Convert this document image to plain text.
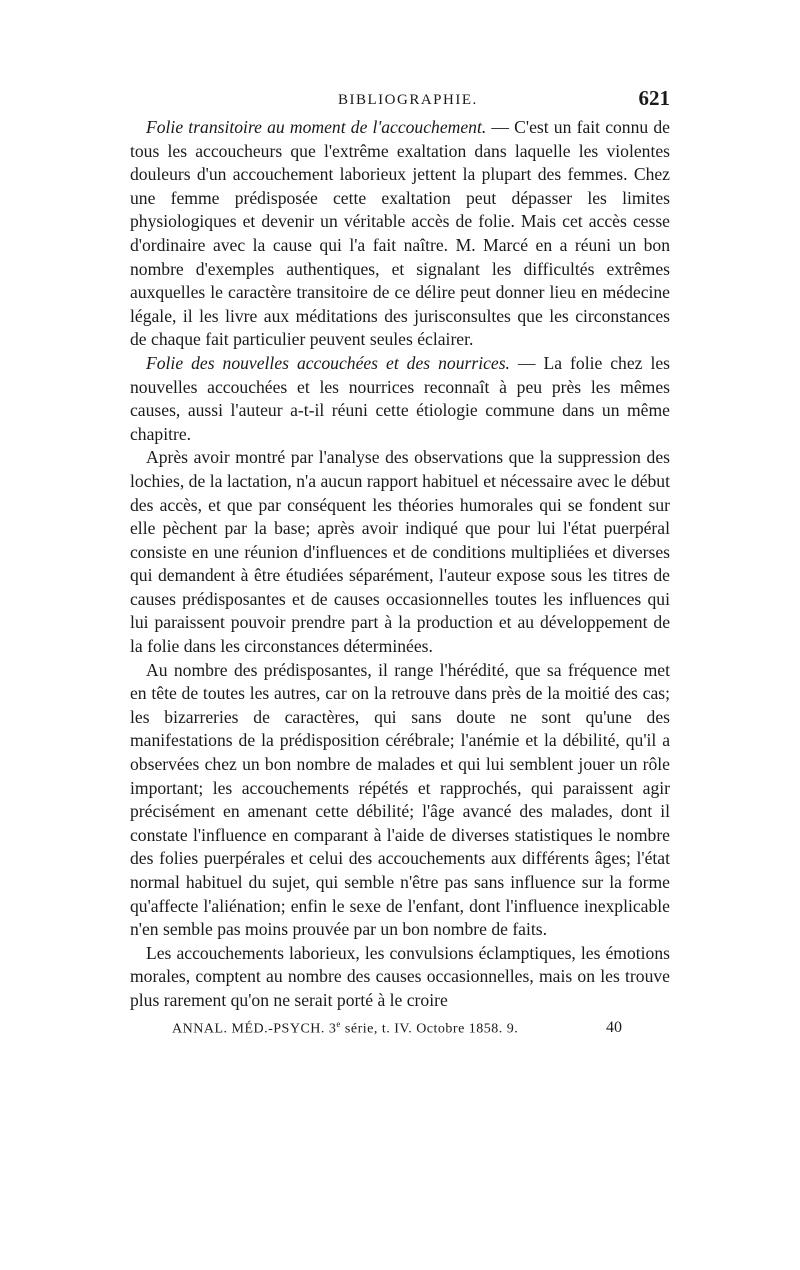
BIBLIOGRAPHIE.	621

Folie transitoire au moment de l'accouchement. — C'est un fait connu de tous les accoucheurs que l'extrême exaltation dans laquelle les violentes douleurs d'un accouchement laborieux jettent la plupart des femmes. Chez une femme prédisposée cette exaltation peut dépasser les limites physiologiques et devenir un véritable accès de folie. Mais cet accès cesse d'ordinaire avec la cause qui l'a fait naître. M. Marcé en a réuni un bon nombre d'exemples authentiques, et signalant les difficultés extrêmes auxquelles le caractère transitoire de ce délire peut donner lieu en médecine légale, il les livre aux méditations des jurisconsultes que les circonstances de chaque fait particulier peuvent seules éclairer.

Folie des nouvelles accouchées et des nourrices. — La folie chez les nouvelles accouchées et les nourrices reconnaît à peu près les mêmes causes, aussi l'auteur a-t-il réuni cette étiologie commune dans un même chapitre.

Après avoir montré par l'analyse des observations que la suppression des lochies, de la lactation, n'a aucun rapport habituel et nécessaire avec le début des accès, et que par conséquent les théories humorales qui se fondent sur elle pèchent par la base; après avoir indiqué que pour lui l'état puerpéral consiste en une réunion d'influences et de conditions multipliées et diverses qui demandent à être étudiées séparément, l'auteur expose sous les titres de causes prédisposantes et de causes occasionnelles toutes les influences qui lui paraissent pouvoir prendre part à la production et au développement de la folie dans les circonstances déterminées.

Au nombre des prédisposantes, il range l'hérédité, que sa fréquence met en tête de toutes les autres, car on la retrouve dans près de la moitié des cas; les bizarreries de caractères, qui sans doute ne sont qu'une des manifestations de la prédisposition cérébrale; l'anémie et la débilité, qu'il a observées chez un bon nombre de malades et qui lui semblent jouer un rôle important; les accouchements répétés et rapprochés, qui paraissent agir précisément en amenant cette débilité; l'âge avancé des malades, dont il constate l'influence en comparant à l'aide de diverses statistiques le nombre des folies puerpérales et celui des accouchements aux différents âges; l'état normal habituel du sujet, qui semble n'être pas sans influence sur la forme qu'affecte l'aliénation; enfin le sexe de l'enfant, dont l'influence inexplicable n'en semble pas moins prouvée par un bon nombre de faits.

Les accouchements laborieux, les convulsions éclamptiques, les émotions morales, comptent au nombre des causes occasionnelles, mais on les trouve plus rarement qu'on ne serait porté à le croire

ANNAL. MÉD.-PSYCH. 3e série, t. IV. Octobre 1858. 9.	40
